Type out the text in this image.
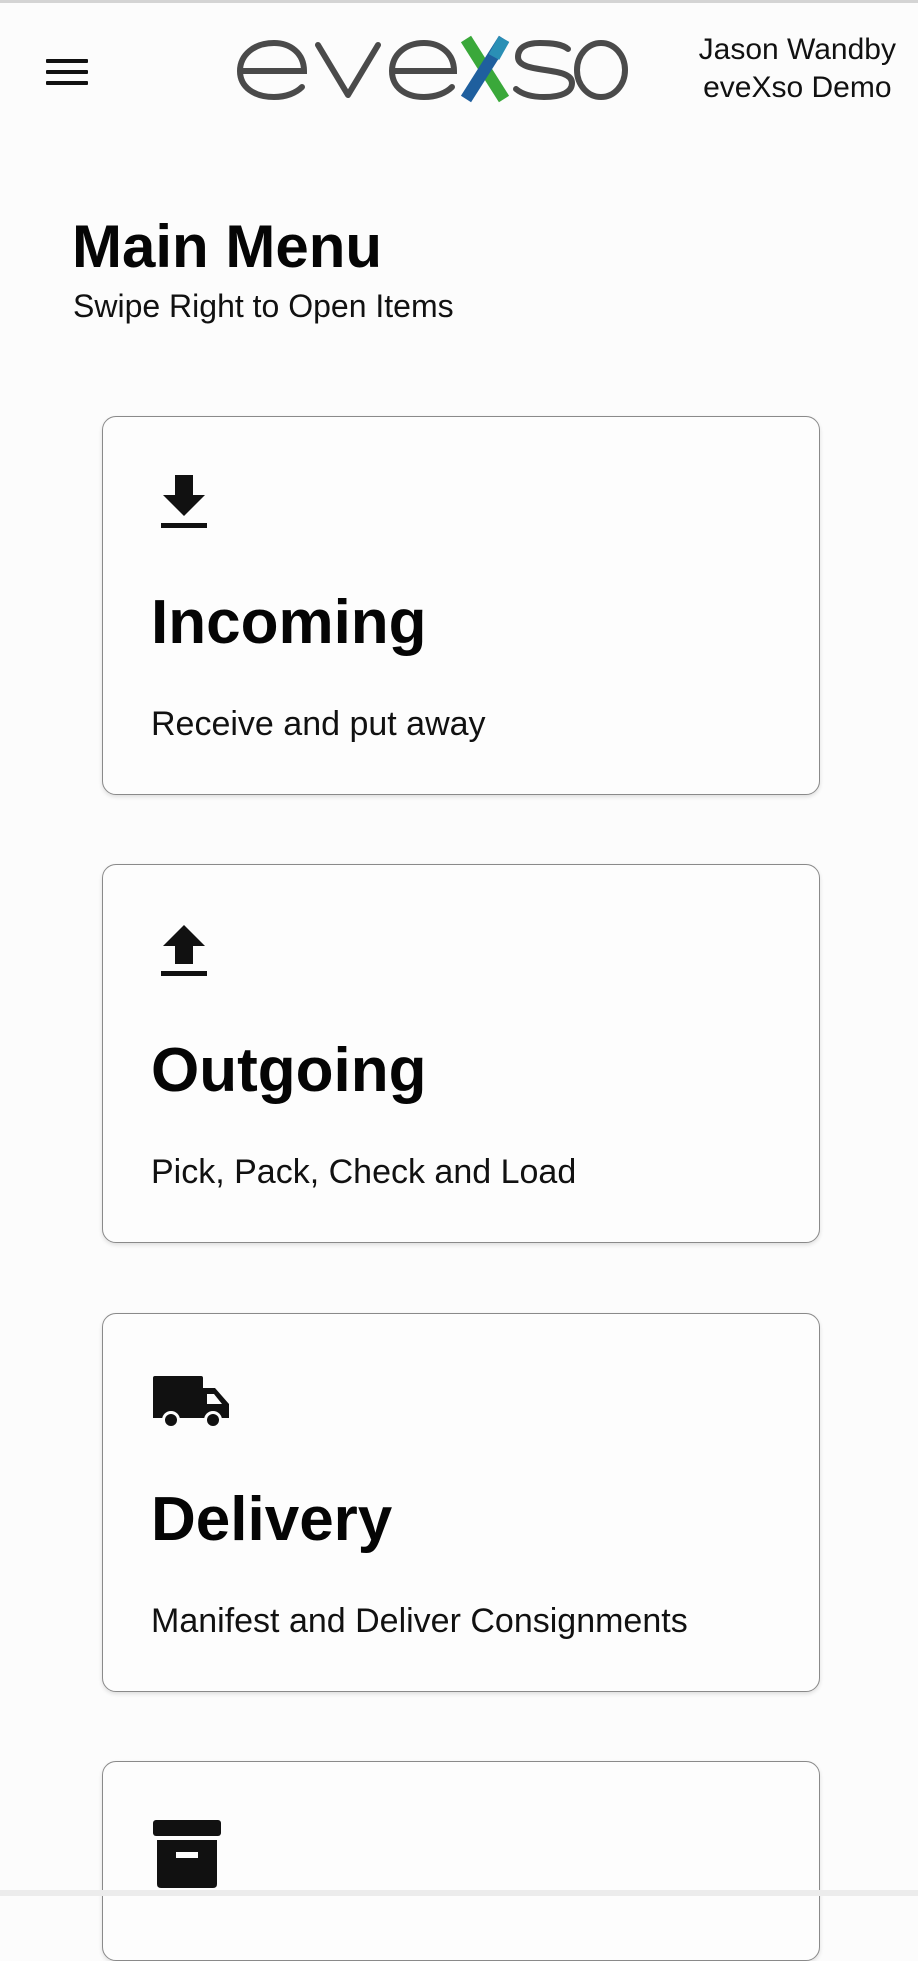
Jason Wandby
eveXso Demo
Main Menu
Swipe Right to Open Items
Incoming
Receive and put away
Outgoing
Pick, Pack, Check and Load
Delivery
Manifest and Deliver Consignments
